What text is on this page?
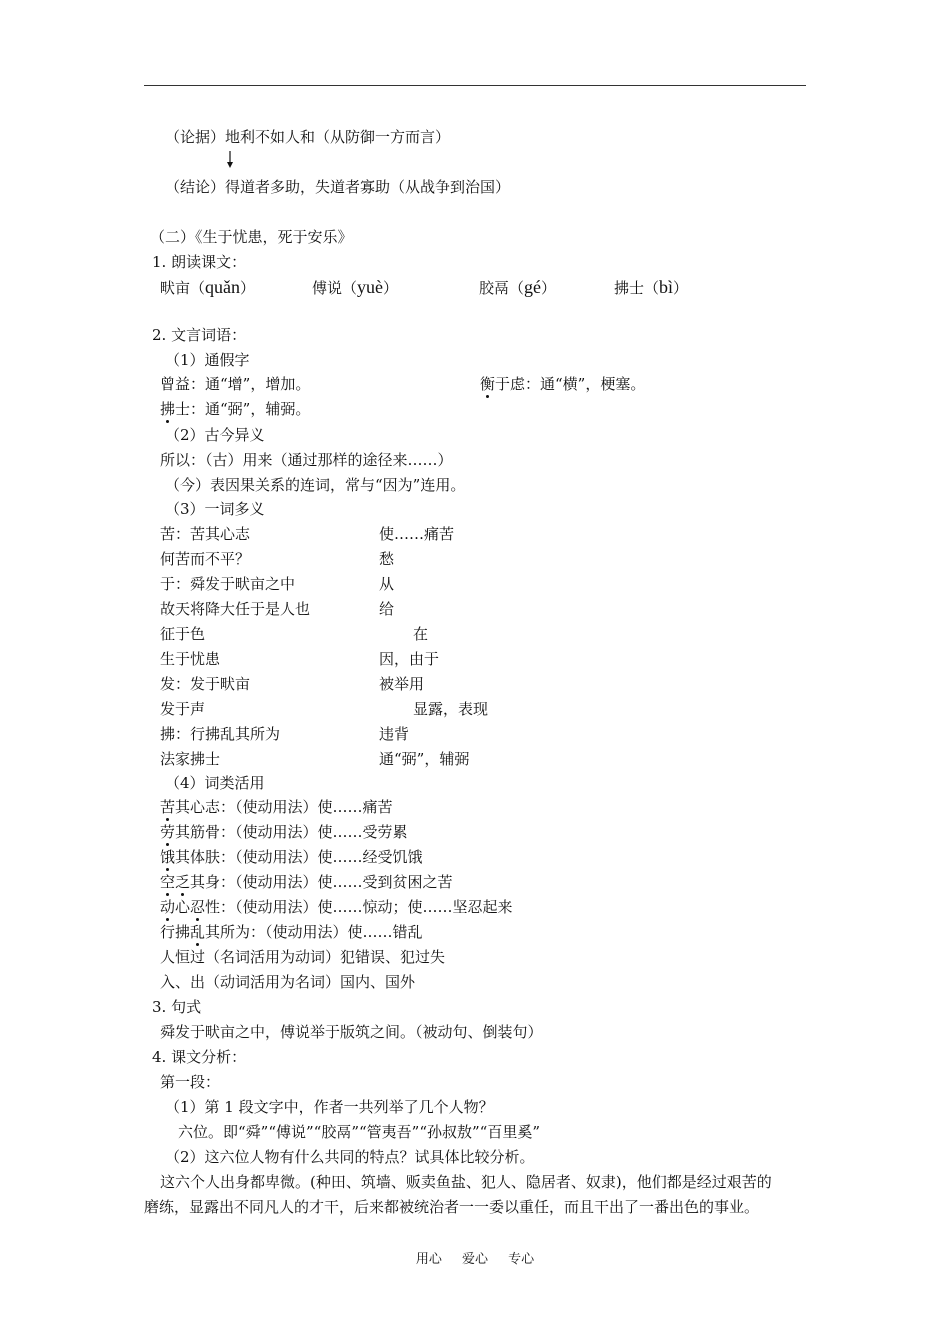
（论据）地利不如人和（从防御一方而言）
（结论）得道者多助，失道者寡助（从战争到治国）
（二）《生于忧患，死于安乐》
1. 朗读课文：
畎亩（quǎn）	傅说（yuè）	胶鬲（gé）	拂士（bì）
2. 文言词语：
（1）通假字
曾益：通“增”，增加。	衡于虑：通“横”，梗塞。
拂士：通“弼”，辅弼。
（2）古今异义
所以：（古）用来（通过那样的途径来……）
（今）表因果关系的连词，常与“因为”连用。
（3）一词多义
苦：苦其心志	使……痛苦
何苦而不平？	愁
于：舜发于畎亩之中	从
故天将降大任于是人也	给
征于色	在
生于忧患	因，由于
发：发于畎亩	被举用
发于声	显露，表现
拂：行拂乱其所为	违背
法家拂士	通“弼”，辅弼
（4）词类活用
苦其心志：（使动用法）使……痛苦
劳其筋骨：（使动用法）使……受劳累
饿其体肤：（使动用法）使……经受饥饿
空乏其身：（使动用法）使……受到贫困之苦
动心忍性：（使动用法）使……惊动；使……坚忍起来
行拂乱其所为：（使动用法）使……错乱
人恒过（名词活用为动词）犯错误、犯过失
入、出（动词活用为名词）国内、国外
3. 句式
舜发于畎亩之中，傅说举于版筑之间。（被动句、倒装句）
4. 课文分析：
第一段：
（1）第 1 段文字中，作者一共列举了几个人物？
六位。即“舜”“傅说”“胶鬲”“管夷吾”“孙叔敖”“百里奚”
（2）这六位人物有什么共同的特点？试具体比较分析。
这六个人出身都卑微。(种田、筑墙、贩卖鱼盐、犯人、隐居者、奴隶)，他们都是经过艰苦的
磨练，显露出不同凡人的才干，后来都被统治者一一委以重任，而且干出了一番出色的事业。
用心 爱心 专心
